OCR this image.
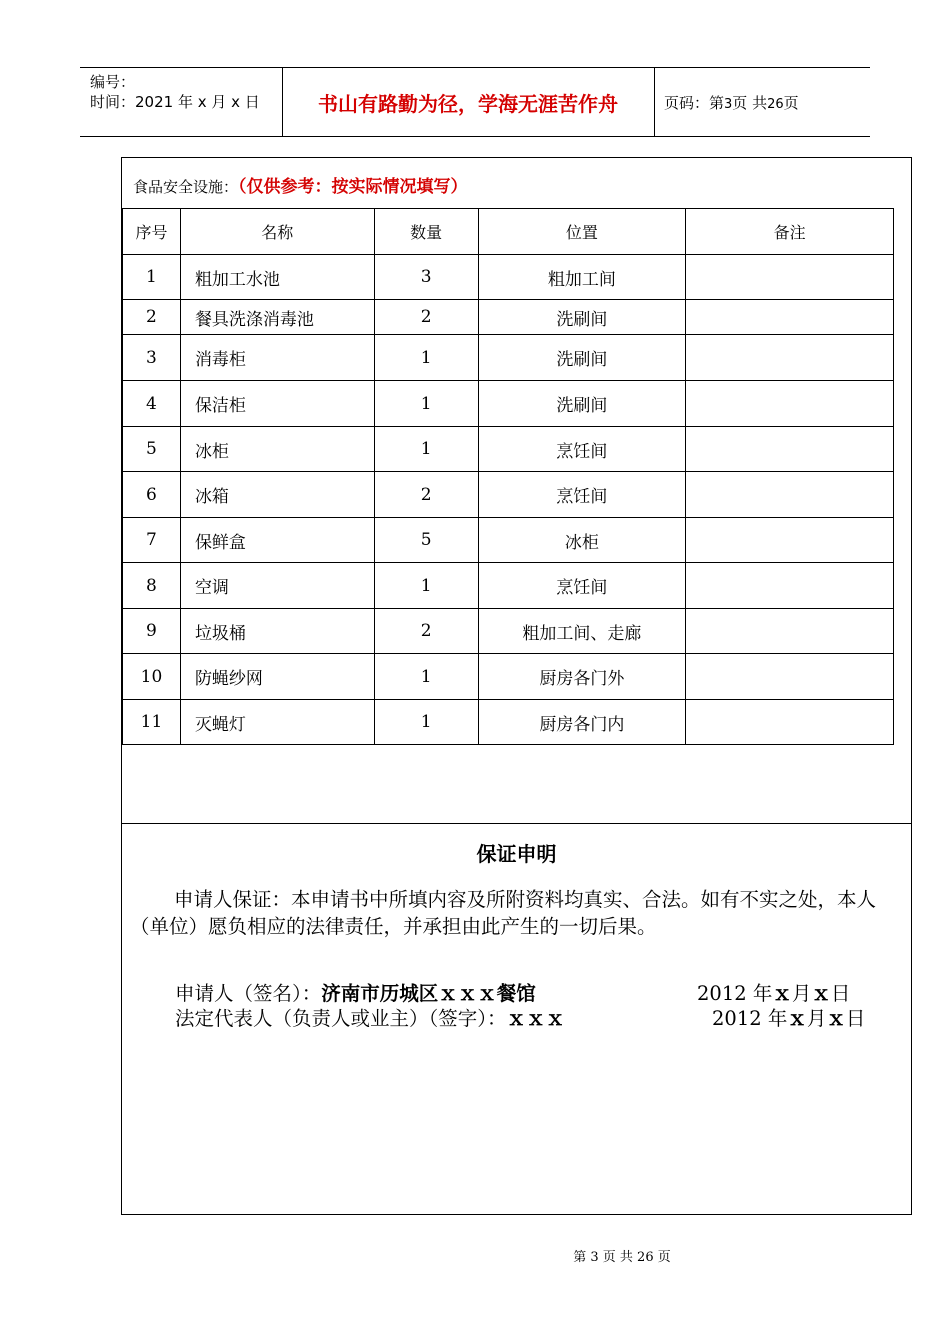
编号：
时间：2021 年 x 月 x 日	书山有路勤为径，学海无涯苦作舟	页码：第3页 共26页
食品安全设施：（仅供参考：按实际情况填写）
序号	名称	数量	位置	备注
1	粗加工水池	3	粗加工间	
2	餐具洗涤消毒池	2	洗刷间	
3	消毒柜	1	洗刷间	
4	保洁柜	1	洗刷间	
5	冰柜	1	烹饪间	
6	冰箱	2	烹饪间	
7	保鲜盒	5	冰柜	
8	空调	1	烹饪间	
9	垃圾桶	2	粗加工间、走廊	
10	防蝇纱网	1	厨房各门外	
11	灭蝇灯	1	厨房各门内	
保证申明
申请人保证：本申请书中所填内容及所附资料均真实、合法。如有不实之处，本人（单位）愿负相应的法律责任，并承担由此产生的一切后果。
申请人（签名）：济南市历城区ｘｘｘ餐馆	2012 年ｘ月ｘ日
法定代表人（负责人或业主）（签字）：ｘｘｘ	2012 年ｘ月ｘ日
第 3 页 共 26 页
